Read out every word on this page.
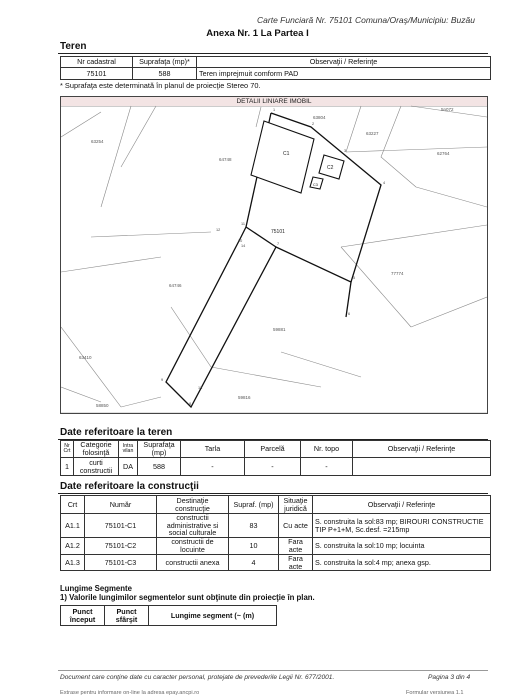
Carte Funciară Nr. 75101 Comuna/Oraş/Municipiu: Buzău
Anexa Nr. 1 La Partea I
Teren
Nr cadastral	Suprafaţa (mp)*	Observaţii / Referinţe
75101	588	Teren imprejmuit comform PAD
* Suprafaţa este determinată în planul de proiecţie Stereo 70.
DETALII LINIARE IMOBIL
5n072
63804
63254
63227
62764
64748
77774
64746
59881
63410
59816
58850
C1
C2
C3
75101
1
2
3
4
5
6
7
8
9
10
11
12
13
14
Date referitoare la teren
Nr Crt	Categorie folosinţă	Intra vilan	Suprafaţa (mp)	Tarla	Parcelă	Nr. topo	Observaţii / Referinţe
1	curti constructii	DA	588	-	-	-	
Date referitoare la construcţii
Crt	Număr	Destinaţie construcţie	Supraf. (mp)	Situaţie juridică	Observaţii / Referinţe
A1.1	75101-C1	constructii administrative si social culturale	83	Cu acte	S. construita la sol:83 mp; BIROURI CONSTRUCTIE TIP P+1+M, Sc.desf. =215mp
A1.2	75101-C2	constructii de locuinte	10	Fara acte	S. construita la sol:10 mp; locuinta
A1.3	75101-C3	constructii anexa	4	Fara acte	S. construita la sol:4 mp; anexa gsp.
Lungime Segmente
1) Valorile lungimilor segmentelor sunt obţinute din proiecţie în plan.
Punct început	Punct sfârşit	Lungime segment (~ (m)
Document care conţine date cu caracter personal, protejate de prevederile Legii Nr. 677/2001.	Pagina 3 din 4
Extrase pentru informare on-line la adresa epay.ancpi.ro	Formular versiunea 1.1
